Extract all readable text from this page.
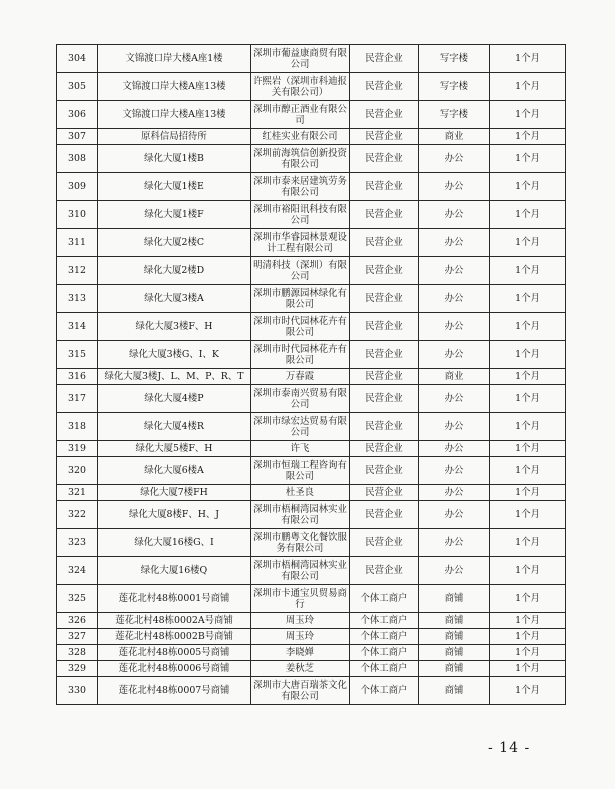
304	文锦渡口岸大楼A座1楼	深圳市葡益康商贸有限公司	民营企业	写字楼	1个月
305	文锦渡口岸大楼A座13楼	许熙岩（深圳市科迪报关有限公司）	民营企业	写字楼	1个月
306	文锦渡口岸大楼A座13楼	深圳市醇正酒业有限公司	民营企业	写字楼	1个月
307	原科信局招待所	红桂实业有限公司	民营企业	商业	1个月
308	绿化大厦1楼B	深圳前海筑信创新投资有限公司	民营企业	办公	1个月
309	绿化大厦1楼E	深圳市泰来居建筑劳务有限公司	民营企业	办公	1个月
310	绿化大厦1楼F	深圳市裕阳讯科技有限公司	民营企业	办公	1个月
311	绿化大厦2楼C	深圳市华睿园林景观设计工程有限公司	民营企业	办公	1个月
312	绿化大厦2楼D	明清科技（深圳）有限公司	民营企业	办公	1个月
313	绿化大厦3楼A	深圳市鹏源园林绿化有限公司	民营企业	办公	1个月
314	绿化大厦3楼F、H	深圳市时代园林花卉有限公司	民营企业	办公	1个月
315	绿化大厦3楼G、I、K	深圳市时代园林花卉有限公司	民营企业	办公	1个月
316	绿化大厦3楼J、L、M、P、R、T	万春霞	民营企业	商业	1个月
317	绿化大厦4楼P	深圳市泰南兴贸易有限公司	民营企业	办公	1个月
318	绿化大厦4楼R	深圳市绿宏达贸易有限公司	民营企业	办公	1个月
319	绿化大厦5楼F、H	许飞	民营企业	办公	1个月
320	绿化大厦6楼A	深圳市恒瑞工程咨询有限公司	民营企业	办公	1个月
321	绿化大厦7楼FH	杜圣良	民营企业	办公	1个月
322	绿化大厦8楼F、H、J	深圳市梧桐湾园林实业有限公司	民营企业	办公	1个月
323	绿化大厦16楼G、I	深圳市鹏粤文化餐饮服务有限公司	民营企业	办公	1个月
324	绿化大厦16楼Q	深圳市梧桐湾园林实业有限公司	民营企业	办公	1个月
325	莲花北村48栋0001号商铺	深圳市卡通宝贝贸易商行	个体工商户	商铺	1个月
326	莲花北村48栋0002A号商铺	周玉玲	个体工商户	商铺	1个月
327	莲花北村48栋0002B号商铺	周玉玲	个体工商户	商铺	1个月
328	莲花北村48栋0005号商铺	李晓婵	个体工商户	商铺	1个月
329	莲花北村48栋0006号商铺	姜秋芝	个体工商户	商铺	1个月
330	莲花北村48栋0007号商铺	深圳市大唐百瑞茶文化有限公司	个体工商户	商铺	1个月
- 14 -
